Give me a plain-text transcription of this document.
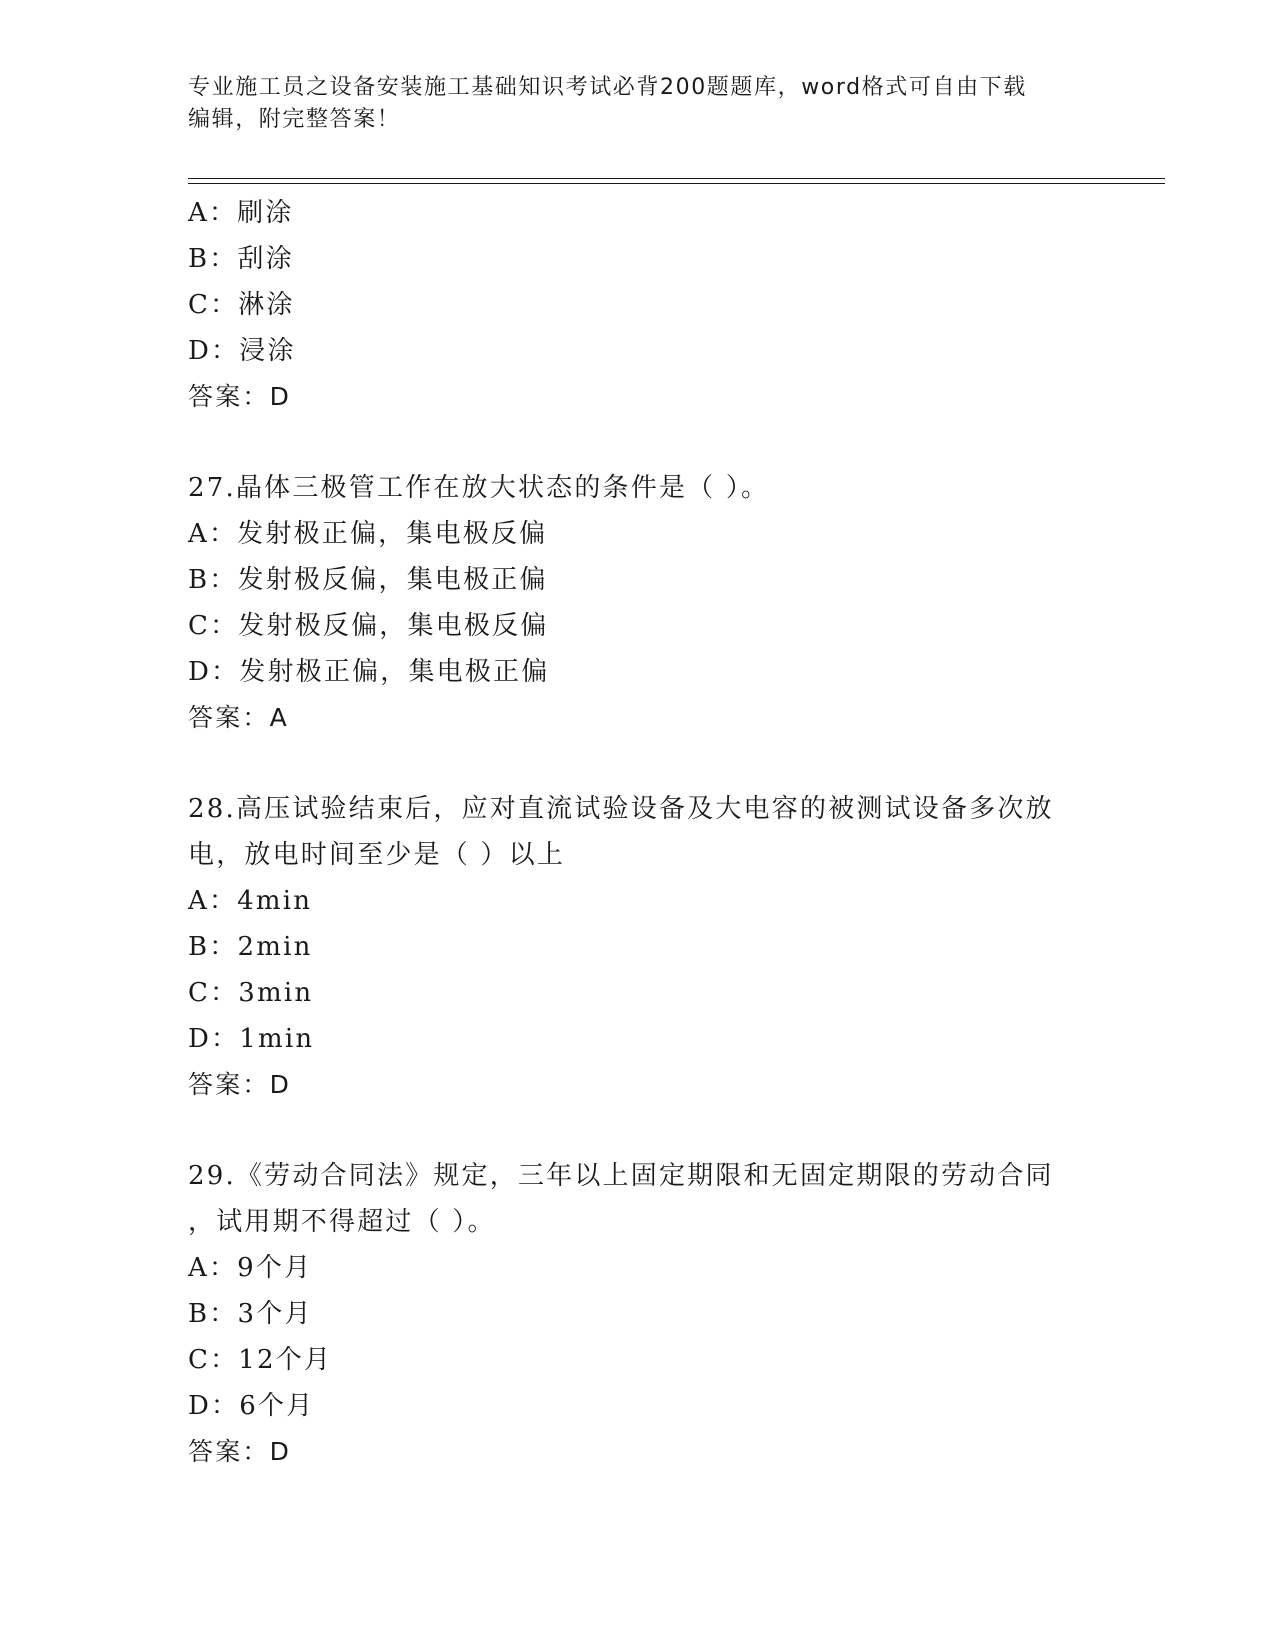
专业施工员之设备安装施工基础知识考试必背200题题库，word格式可自由下载
编辑，附完整答案！
A：刷涂
B：刮涂
C：淋涂
D：浸涂
答案：D
27.晶体三极管工作在放大状态的条件是（ ）。
A：发射极正偏，集电极反偏
B：发射极反偏，集电极正偏
C：发射极反偏，集电极反偏
D：发射极正偏，集电极正偏
答案：A
28.高压试验结束后，应对直流试验设备及大电容的被测试设备多次放
电，放电时间至少是（ ）以上
A：4min
B：2min
C：3min
D：1min
答案：D
29.《劳动合同法》规定，三年以上固定期限和无固定期限的劳动合同
，试用期不得超过（ ）。
A：9个月
B：3个月
C：12个月
D：6个月
答案：D
